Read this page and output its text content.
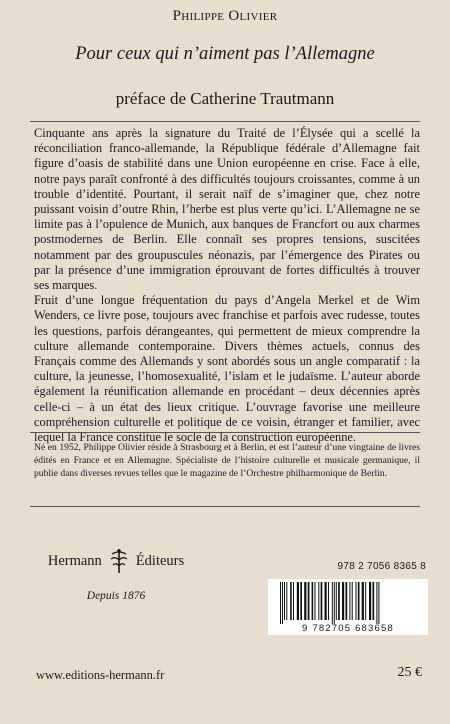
Philippe Olivier
Pour ceux qui n’aiment pas l’Allemagne
préface de Catherine Trautmann

Cinquante ans après la signature du Traité de l’Élysée qui a scellé la réconciliation franco-allemande, la République fédérale d’Allemagne fait figure d’oasis de stabilité dans une Union européenne en crise. Face à elle, notre pays paraît confronté à des difficultés toujours croissantes, comme à un trouble d’identité. Pourtant, il serait naïf de s’imaginer que, chez notre puissant voisin d’outre Rhin, l’herbe est plus verte qu’ici. L’Allemagne ne se limite pas à l’opulence de Munich, aux banques de Francfort ou aux charmes postmodernes de Berlin. Elle connaît ses propres tensions, suscitées notamment par des groupuscules néonazis, par l’émergence des Pirates ou par la présence d’une immigration éprouvant de fortes difficultés à trouver ses marques.

Fruit d’une longue fréquentation du pays d’Angela Merkel et de Wim Wenders, ce livre pose, toujours avec franchise et parfois avec rudesse, toutes les questions, parfois dérangeantes, qui permettent de mieux comprendre la culture allemande contemporaine. Divers thèmes actuels, connus des Français comme des Allemands y sont abordés sous un angle comparatif : la culture, la jeunesse, l’homosexualité, l’islam et le judaïsme. L’auteur aborde également la réunification allemande en procédant – deux décennies après celle-ci – à un état des lieux critique. L’ouvrage favorise une meilleure compréhension culturelle et politique de ce voisin, étranger et familier, avec lequel la France constitue le socle de la construction européenne.

Né en 1952, Philippe Olivier réside à Strasbourg et à Berlin, et est l’auteur d’une vingtaine de livres édités en France et en Allemagne. Spécialiste de l’histoire culturelle et musicale germanique, il publie dans diverses revues telles que le magazine de l’Orchestre philharmonique de Berlin.
Hermann Éditeurs
Depuis 1876
978 2 7056 8365 8
9 782705 683658
www.editions-hermann.fr	25 €
